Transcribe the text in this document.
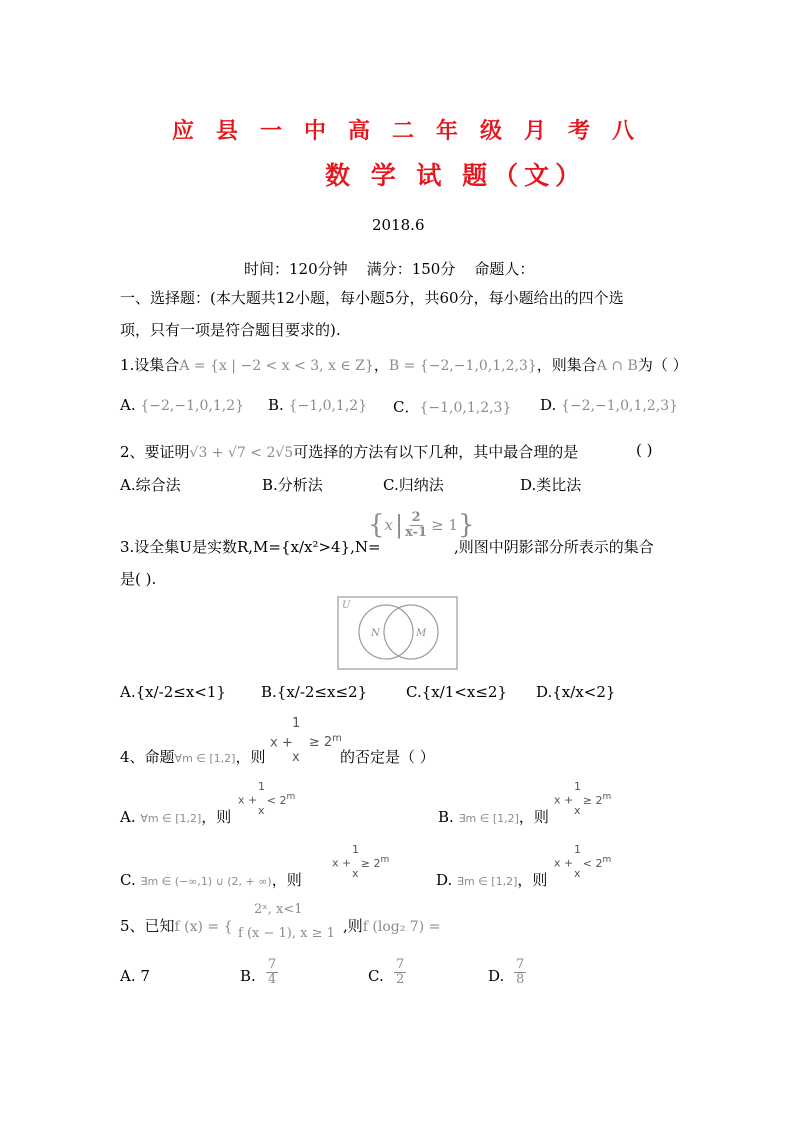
应县一中高二年级月考八
数 学 试 题（文）
2018.6
时间：120分钟    满分：150分    命题人：
一、选择题：(本大题共12小题，每小题5分，共60分，每小题给出的四个选
项，只有一项是符合题目要求的).
1.设集合A = {x | −2 < x < 3, x ∈ Z}，B = {−2,−1,0,1,2,3}，则集合A ∩ B为（ ）
A. {−2,−1,0,1,2} B. {−1,0,1,2} C．{−1,0,1,2,3} D. {−2,−1,0,1,2,3}
2、要证明√3 + √7 < 2√5可选择的方法有以下几种，其中最合理的是	( )
A.综合法	B.分析法	C.归纳法	D.类比法
3.设全集U是实数R,M={x/x²>4},N=
$\{x| \frac{2}{x-1} \ge 1\}$
,则图中阴影部分所表示的集合
是( ).
U
N	M
A.{x/-2≤x<1} B.{x/-2≤x≤2}	C.{x/1<x≤2} D.{x/x<2}
4、命题∀m ∈ [1,2]，则
1
x + ≥ $2^m$
x	的否定是（ ）
A. ∀m ∈ [1,2]，则
1
x + < $2^m$
x	B. ∃m ∈ [1,2]，则
1
x + ≥ $2^m$
x
C. ∃m ∈ (−∞,1) ∪ (2, + ∞)，则
1
x + ≥ $2^m$
x	D. ∃m ∈ [1,2]，则
1
x + < $2^m$
x
5、已知f (x) = {
2ˣ, x<1
f (x − 1), x ≥ 1 ,则f (log₂ 7) =
A. 7	B. $\frac{7}{4}$	C. $\frac{7}{2}$	D. $\frac{7}{8}$
